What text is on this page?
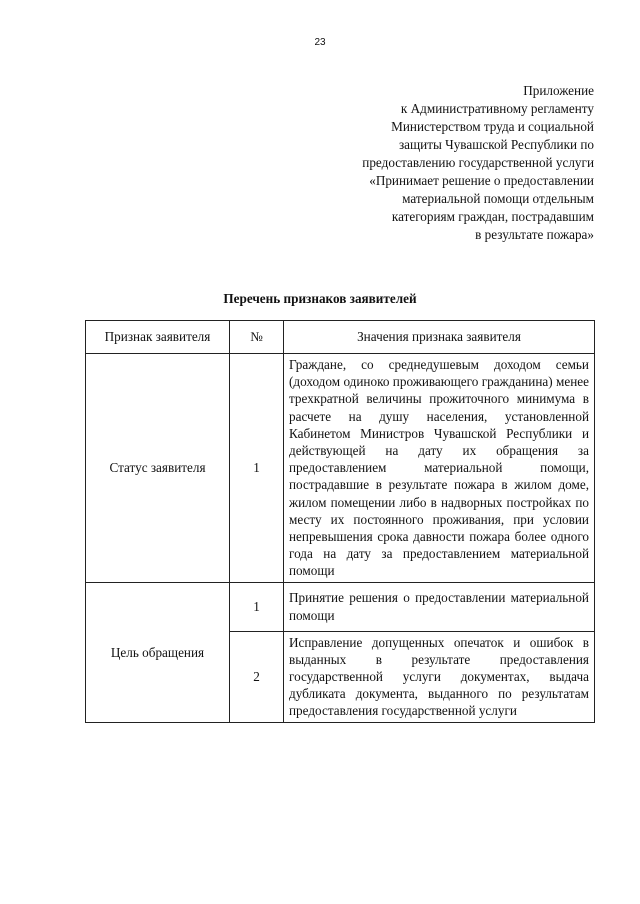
23
Приложение
к Административному регламенту
Министерством труда и социальной
защиты Чувашской Республики по
предоставлению государственной услуги
«Принимает решение о предоставлении
материальной помощи отдельным
категориям граждан, пострадавшим
в результате пожара»
Перечень признаков заявителей
Признак заявителя	№	Значения признака заявителя
Статус заявителя	1	Граждане, со среднедушевым доходом семьи (доходом одиноко проживающего гражданина) менее трехкратной величины прожиточного минимума в расчете на душу населения, установленной Кабинетом Министров Чувашской Республики и действующей на дату их обращения за предоставлением материальной помощи, пострадавшие в результате пожара в жилом доме, жилом помещении либо в надворных постройках по месту их постоянного проживания, при условии непревышения срока давности пожара более одного года на дату за предоставлением материальной помощи
Цель обращения	1	Принятие решения о предоставлении материальной помощи
	2	Исправление допущенных опечаток и ошибок в выданных в результате предоставления государственной услуги документах, выдача дубликата документа, выданного по результатам предоставления государственной услуги
